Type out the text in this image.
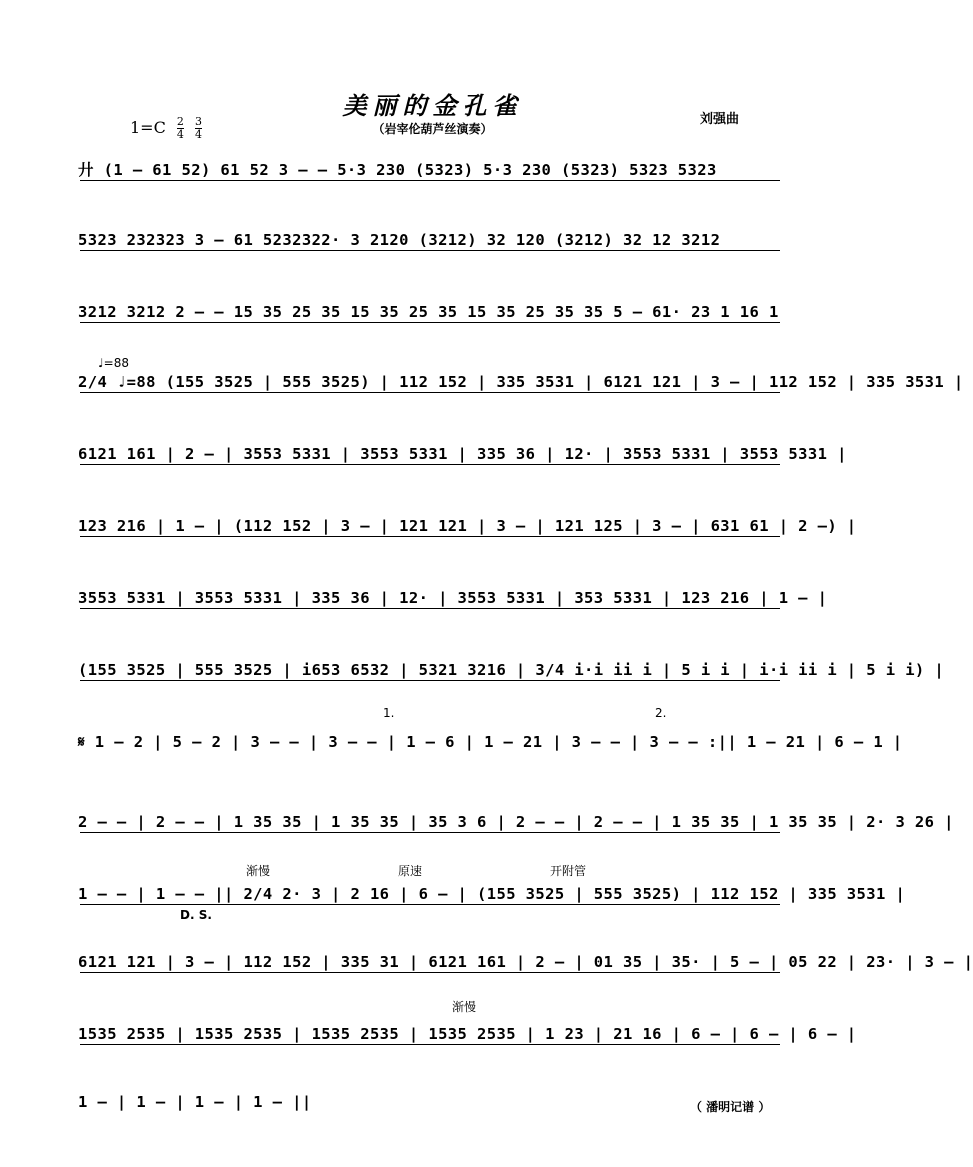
$1=C \frac{2}{4}$
$\frac{3}{4}$
美丽的金孔雀
（岩宰伦葫芦丝演奏）
刘强曲
廾 (1 – 61 52) 61 52 3 – – 5·3 230 (5323) 5·3 230 (5323) 5323 5323
5323 232323 3 – 61 5232322· 3 2120 (3212) 32 120 (3212) 32 12 3212
3212 3212 2 – – 15 35 25 35 15 35 25 35 15 35 25 35 35 5 – 61· 23 1 16 1
♩=88
2/4 ♩=88 (155 3525 | 555 3525) | 112 152 | 335 3531 | 6121 121 | 3 – | 112 152 | 335 3531 |
6121 161 | 2 – | 3553 5331 | 3553 5331 | 335 36 | 12· | 3553 5331 | 3553 5331 |
123 216 | 1 – | (112 152 | 3 – | 121 121 | 3 – | 121 125 | 3 – | 631 61 | 2 –) |
3553 5331 | 3553 5331 | 335 36 | 12· | 3553 5331 | 353 5331 | 123 216 | 1 – |
(155 3525 | 555 3525 | i653 6532 | 5321 3216 | 3/4 i·i ii i | 5 i i | i·i ii i | 5 i i) |
1.	2.
𝄋 1 – 2 | 5 – 2 | 3 – – | 3 – – | 1 – 6 | 1 – 21 | 3 – – | 3 – – :|| 1 – 21 | 6 – 1 |
2 – – | 2 – – | 1 35 35 | 1 35 35 | 35 3 6 | 2 – – | 2 – – | 1 35 35 | 1 35 35 | 2· 3 26 |
渐慢	原速	开附管
1 – – | 1 – – || 2/4 2· 3 | 2 16 | 6 – | (155 3525 | 555 3525) | 112 152 | 335 3531 |
D. S.
6121 121 | 3 – | 112 152 | 335 31 | 6121 161 | 2 – | 01 35 | 35· | 5 – | 05 22 | 23· | 3 – |
渐慢
1535 2535 | 1535 2535 | 1535 2535 | 1535 2535 | 1 23 | 21 16 | 6 – | 6 – | 6 – |
1 – | 1 – | 1 – | 1 – ||	（ 潘明记谱 ）
